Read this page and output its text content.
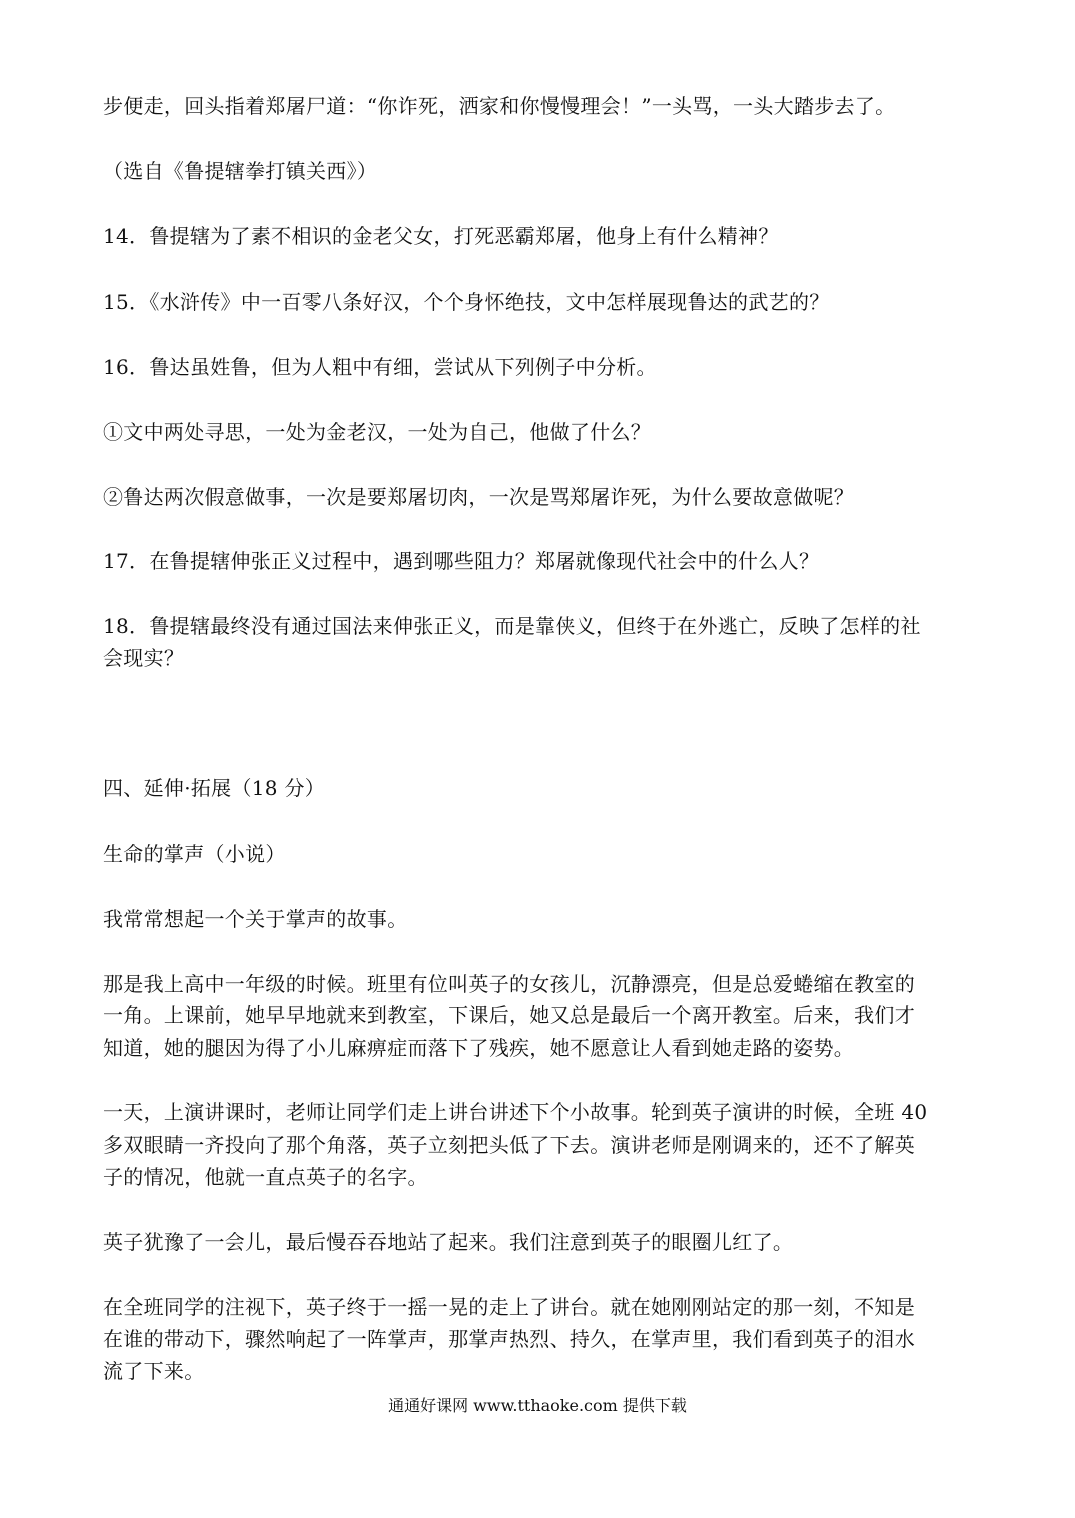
步便走，回头指着郑屠尸道：“你诈死，洒家和你慢慢理会！”一头骂，一头大踏步去了。
（选自《鲁提辖拳打镇关西》）
14．鲁提辖为了素不相识的金老父女，打死恶霸郑屠，他身上有什么精神？
15．《水浒传》中一百零八条好汉，个个身怀绝技，文中怎样展现鲁达的武艺的？
16．鲁达虽姓鲁，但为人粗中有细，尝试从下列例子中分析。
①文中两处寻思，一处为金老汉，一处为自己，他做了什么？
②鲁达两次假意做事，一次是要郑屠切肉，一次是骂郑屠诈死，为什么要故意做呢？
17．在鲁提辖伸张正义过程中，遇到哪些阻力？郑屠就像现代社会中的什么人？
18．鲁提辖最终没有通过国法来伸张正义，而是靠侠义，但终于在外逃亡，反映了怎样的社
会现实？
四、延伸·拓展（18 分）
生命的掌声（小说）
我常常想起一个关于掌声的故事。
那是我上高中一年级的时候。班里有位叫英子的女孩儿，沉静漂亮，但是总爱蜷缩在教室的
一角。上课前，她早早地就来到教室，下课后，她又总是最后一个离开教室。后来，我们才
知道，她的腿因为得了小儿麻痹症而落下了残疾，她不愿意让人看到她走路的姿势。
一天，上演讲课时，老师让同学们走上讲台讲述下个小故事。轮到英子演讲的时候，全班 40
多双眼睛一齐投向了那个角落，英子立刻把头低了下去。演讲老师是刚调来的，还不了解英
子的情况，他就一直点英子的名字。
英子犹豫了一会儿，最后慢吞吞地站了起来。我们注意到英子的眼圈儿红了。
在全班同学的注视下，英子终于一摇一晃的走上了讲台。就在她刚刚站定的那一刻，不知是
在谁的带动下，骤然响起了一阵掌声，那掌声热烈、持久，在掌声里，我们看到英子的泪水
流了下来。
通通好课网 www.tthaoke.com 提供下载
